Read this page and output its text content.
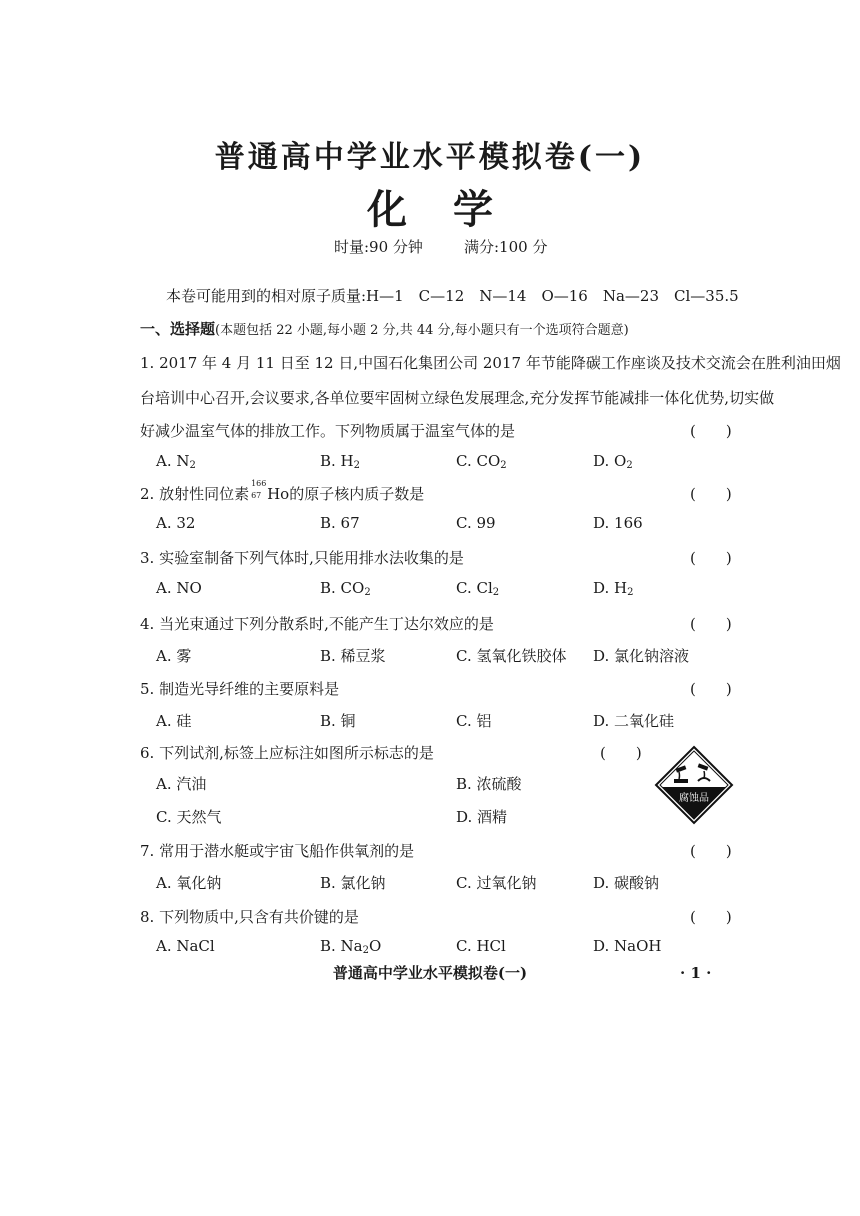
普通高中学业水平模拟卷(一)
化学
时量:90 分钟	满分:100 分
本卷可能用到的相对原子质量:H—1　C—12　N—14　O—16　Na—23　Cl—35.5
一、选择题(本题包括 22 小题,每小题 2 分,共 44 分,每小题只有一个选项符合题意)
1. 2017 年 4 月 11 日至 12 日,中国石化集团公司 2017 年节能降碳工作座谈及技术交流会在胜利油田烟
台培训中心召开,会议要求,各单位要牢固树立绿色发展理念,充分发挥节能减排一体化优势,切实做
好减少温室气体的排放工作。下列物质属于温室气体的是	(　　)
A. $N_2$	B. $H_2$	C. $CO_2$	D. $O_2$
2. 放射性同位素
166
67 Ho的原子核内质子数是	(　　)
A. 32	B. 67	C. 99	D. 166
3. 实验室制备下列气体时,只能用排水法收集的是	(　　)
A. NO	B. $CO_2$	C. $Cl_2$	D. $H_2$
4. 当光束通过下列分散系时,不能产生丁达尔效应的是	(　　)
A. 雾	B. 稀豆浆	C. 氢氧化铁胶体 D. 氯化钠溶液
5. 制造光导纤维的主要原料是	(　　)
A. 硅	B. 铜	C. 铝	D. 二氧化硅
6. 下列试剂,标签上应标注如图所示标志的是	(　　)
A. 汽油	B. 浓硫酸
C. 天然气	D. 酒精
腐蚀品
7. 常用于潜水艇或宇宙飞船作供氧剂的是	(　　)
A. 氧化钠	B. 氯化钠	C. 过氧化钠	D. 碳酸钠
8. 下列物质中,只含有共价键的是	(　　)
A. NaCl	B. $Na_2O$	C. HCl	D. NaOH
普通高中学业水平模拟卷(一)	· 1 ·
